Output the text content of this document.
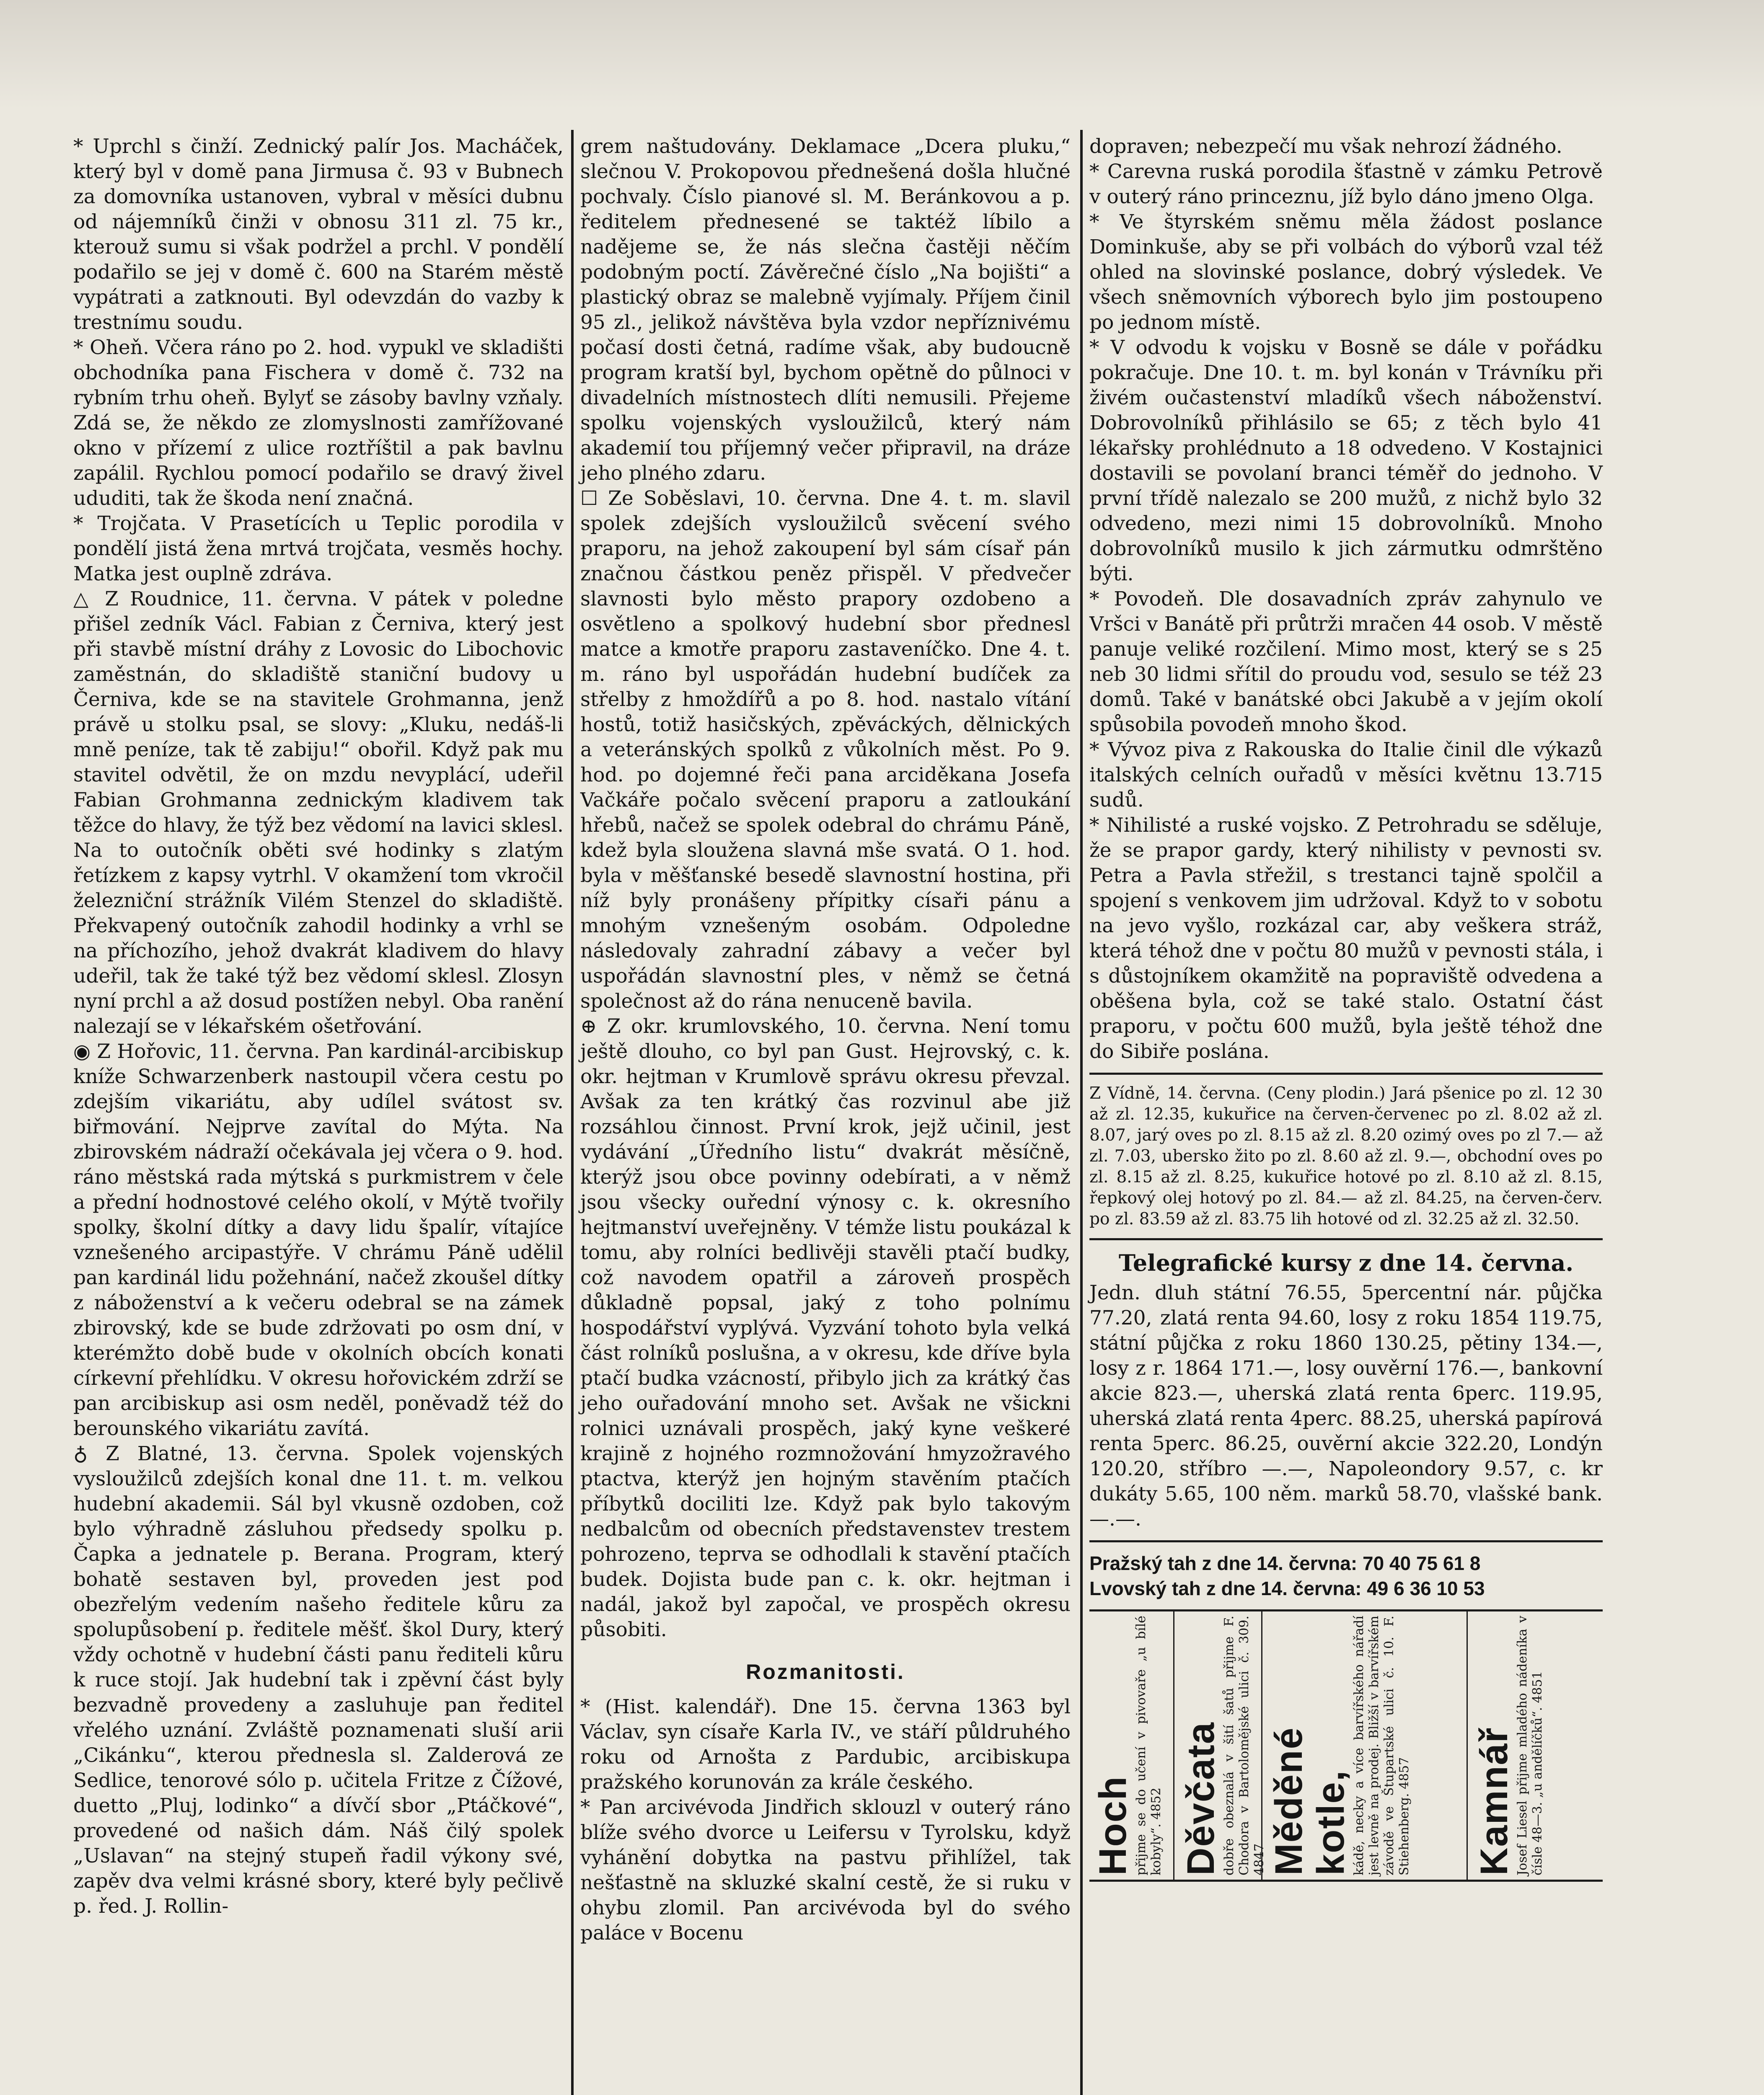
* Uprchl s činží. Zednický palír Jos. Macháček, který byl v domě pana Jirmusa č. 93 v Bubnech za domovníka ustanoven, vybral v měsíci dubnu od nájemníků činži v obnosu 311 zl. 75 kr., kterouž sumu si však podržel a prchl. V pondělí podařilo se jej v domě č. 600 na Starém městě vypátrati a zatknouti. Byl odevzdán do vazby k trestnímu soudu.

* Oheň. Včera ráno po 2. hod. vypukl ve skladišti obchodníka pana Fischera v domě č. 732 na rybním trhu oheň. Bylyť se zásoby bavlny vzňaly. Zdá se, že někdo ze zlomyslnosti zamřížované okno v přízemí z ulice roztříštil a pak bavlnu zapálil. Rychlou pomocí podařilo se dravý živel ududiti, tak že škoda není značná.

* Trojčata. V Prasetících u Teplic porodila v pondělí jistá žena mrtvá trojčata, vesměs hochy. Matka jest ouplně zdráva.

△ Z Roudnice, 11. června. V pátek v poledne přišel zedník Václ. Fabian z Černiva, který jest při stavbě místní dráhy z Lovosic do Libochovic zaměstnán, do skladiště staniční budovy u Černiva, kde se na stavitele Grohmanna, jenž právě u stolku psal, se slovy: „Kluku, nedáš-li mně peníze, tak tě zabiju!“ obořil. Když pak mu stavitel odvětil, že on mzdu nevyplácí, udeřil Fabian Grohmanna zednickým kladivem tak těžce do hlavy, že týž bez vědomí na lavici sklesl. Na to outočník oběti své hodinky s zlatým řetízkem z kapsy vytrhl. V okamžení tom vkročil železniční strážník Vilém Stenzel do skladiště. Překvapený outočník zahodil hodinky a vrhl se na příchozího, jehož dvakrát kladivem do hlavy udeřil, tak že také týž bez vědomí sklesl. Zlosyn nyní prchl a až dosud postížen nebyl. Oba ranění nalezají se v lékařském ošetřování.

◉ Z Hořovic, 11. června. Pan kardinál-arcibiskup kníže Schwarzenberk nastoupil včera cestu po zdejším vikariátu, aby udílel svátost sv. biřmování. Nejprve zavítal do Mýta. Na zbirovském nádraží očekávala jej včera o 9. hod. ráno městská rada mýtská s purkmistrem v čele a přední hodnostové celého okolí, v Mýtě tvořily spolky, školní dítky a davy lidu špalír, vítajíce vznešeného arcipastýře. V chrámu Páně udělil pan kardinál lidu požehnání, načež zkoušel dítky z náboženství a k večeru odebral se na zámek zbirovský, kde se bude zdržovati po osm dní, v kterémžto době bude v okolních obcích konati církevní přehlídku. V okresu hořovickém zdrží se pan arcibiskup asi osm neděl, poněvadž též do berounského vikariátu zavítá.

♁ Z Blatné, 13. června. Spolek vojenských vysloužilců zdejších konal dne 11. t. m. velkou hudební akademii. Sál byl vkusně ozdoben, což bylo výhradně zásluhou předsedy spolku p. Čapka a jednatele p. Berana. Program, který bohatě sestaven byl, proveden jest pod obezřelým vedením našeho ředitele kůru za spolupůsobení p. ředitele měšť. škol Dury, který vždy ochotně v hudební části panu řediteli kůru k ruce stojí. Jak hudební tak i zpěvní část byly bezvadně provedeny a zasluhuje pan ředitel vřelého uznání. Zvláště poznamenati sluší arii „Cikánku“, kterou přednesla sl. Zalderová ze Sedlice, tenorové sólo p. učitela Fritze z Čížové, duetto „Pluj, lodinko“ a dívčí sbor „Ptáčkové“, provedené od našich dám. Náš čilý spolek „Uslavan“ na stejný stupeň řadil výkony své, zapěv dva velmi krásné sbory, které byly pečlivě p. řed. J. Rollin-

grem naštudovány. Deklamace „Dcera pluku,“ slečnou V. Prokopovou přednešená došla hlučné pochvaly. Číslo pianové sl. M. Beránkovou a p. ředitelem přednesené se taktéž líbilo a nadějeme se, že nás slečna častěji něčím podobným poctí. Závěrečné číslo „Na bojišti“ a plastický obraz se malebně vyjímaly. Příjem činil 95 zl., jelikož návštěva byla vzdor nepříznivému počasí dosti četná, radíme však, aby budoucně program kratší byl, bychom opětně do půlnoci v divadelních místnostech dlíti nemusili. Přejeme spolku vojenských vysloužilců, který nám akademií tou příjemný večer připravil, na dráze jeho plného zdaru.

☐ Ze Soběslavi, 10. června. Dne 4. t. m. slavil spolek zdejších vysloužilců svěcení svého praporu, na jehož zakoupení byl sám císař pán značnou částkou peněz přispěl. V předvečer slavnosti bylo město prapory ozdobeno a osvětleno a spolkový hudební sbor přednesl matce a kmotře praporu zastaveníčko. Dne 4. t. m. ráno byl uspořádán hudební budíček za střelby z hmoždířů a po 8. hod. nastalo vítání hostů, totiž hasičských, zpěváckých, dělnických a veteránských spolků z vůkolních měst. Po 9. hod. po dojemné řeči pana arciděkana Josefa Vačkáře počalo svěcení praporu a zatloukání hřebů, načež se spolek odebral do chrámu Páně, kdež byla sloužena slavná mše svatá. O 1. hod. byla v měšťanské besedě slavnostní hostina, při níž byly pronášeny přípitky císaři pánu a mnohým vznešeným osobám. Odpoledne následovaly zahradní zábavy a večer byl uspořádán slavnostní ples, v němž se četná společnost až do rána nenuceně bavila.

⊕ Z okr. krumlovského, 10. června. Není tomu ještě dlouho, co byl pan Gust. Hejrovský, c. k. okr. hejtman v Krumlově správu okresu převzal. Avšak za ten krátký čas rozvinul abe již rozsáhlou činnost. První krok, jejž učinil, jest vydávání „Úředního listu“ dvakrát měsíčně, kterýž jsou obce povinny odebírati, a v němž jsou všecky ouřední výnosy c. k. okresního hejtmanství uveřejněny. V témže listu poukázal k tomu, aby rolníci bedlivěji stavěli ptačí budky, což navodem opatřil a zároveň prospěch důkladně popsal, jaký z toho polnímu hospodářství vyplývá. Vyzvání tohoto byla velká část rolníků poslušna, a v okresu, kde dříve byla ptačí budka vzácností, přibylo jich za krátký čas jeho ouřadování mnoho set. Avšak ne všickni rolnici uznávali prospěch, jaký kyne veškeré krajině z hojného rozmnožování hmyzožravého ptactva, kterýž jen hojným stavěním ptačích příbytků dociliti lze. Když pak bylo takovým nedbalcům od obecních představenstev trestem pohrozeno, teprva se odhodlali k stavění ptačích budek. Dojista bude pan c. k. okr. hejtman i nadál, jakož byl započal, ve prospěch okresu působiti.

Rozmanitosti.

* (Hist. kalendář). Dne 15. června 1363 byl Václav, syn císaře Karla IV., ve stáří půldruhého roku od Arnošta z Pardubic, arcibiskupa pražského korunován za krále českého.

* Pan arcivévoda Jindřich sklouzl v outerý ráno blíže svého dvorce u Leifersu v Tyrolsku, když vyhánění dobytka na pastvu přihlížel, tak nešťastně na skluzké skalní cestě, že si ruku v ohybu zlomil. Pan arcivévoda byl do svého paláce v Bocenu

dopraven; nebezpečí mu však nehrozí žádného.

* Carevna ruská porodila šťastně v zámku Petrově v outerý ráno princeznu, jíž bylo dáno jmeno Olga.

* Ve štyrském sněmu měla žádost poslance Dominkuše, aby se při volbách do výborů vzal též ohled na slovinské poslance, dobrý výsledek. Ve všech sněmovních výborech bylo jim postoupeno po jednom místě.

* V odvodu k vojsku v Bosně se dále v pořádku pokračuje. Dne 10. t. m. byl konán v Trávníku při živém oučastenství mladíků všech náboženství. Dobrovolníků přihlásilo se 65; z těch bylo 41 lékařsky prohlédnuto a 18 odvedeno. V Kostajnici dostavili se povolaní branci téměř do jednoho. V první třídě nalezalo se 200 mužů, z nichž bylo 32 odvedeno, mezi nimi 15 dobrovolníků. Mnoho dobrovolníků musilo k jich zármutku odmrštěno býti.

* Povodeň. Dle dosavadních zpráv zahynulo ve Vršci v Banátě při průtrži mračen 44 osob. V městě panuje veliké rozčilení. Mimo most, který se s 25 neb 30 lidmi sřítil do proudu vod, sesulo se též 23 domů. Také v banátské obci Jakubě a v jejím okolí spůsobila povodeň mnoho škod.

* Vývoz piva z Rakouska do Italie činil dle výkazů italských celních ouřadů v měsíci květnu 13.715 sudů.

* Nihilisté a ruské vojsko. Z Petrohradu se sděluje, že se prapor gardy, který nihilisty v pevnosti sv. Petra a Pavla střežil, s trestanci tajně spolčil a spojení s venkovem jim udržoval. Když to v sobotu na jevo vyšlo, rozkázal car, aby veškera stráž, která téhož dne v počtu 80 mužů v pevnosti stála, i s důstojníkem okamžitě na popraviště odvedena a oběšena byla, což se také stalo. Ostatní část praporu, v počtu 600 mužů, byla ještě téhož dne do Sibiře poslána.

Z Vídně, 14. června. (Ceny plodin.) Jará pšenice po zl. 12 30 až zl. 12.35, kukuřice na červen-červenec po zl. 8.02 až zl. 8.07, jarý oves po zl. 8.15 až zl. 8.20 ozimý oves po zl 7.— až zl. 7.03, ubersko žito po zl. 8.60 až zl. 9.—, obchodní oves po zl. 8.15 až zl. 8.25, kukuřice hotové po zl. 8.10 až zl. 8.15, řepkový olej hotový po zl. 84.— až zl. 84.25, na červen-červ. po zl. 83.59 až zl. 83.75 lih hotové od zl. 32.25 až zl. 32.50.

Telegrafické kursy z dne 14. června.

Jedn. dluh státní 76.55, 5percentní nár. půjčka 77.20, zlatá renta 94.60, losy z roku 1854 119.75, státní půjčka z roku 1860 130.25, pětiny 134.—, losy z r. 1864 171.—, losy ouvěrní 176.—, bankovní akcie 823.—, uherská zlatá renta 6perc. 119.95, uherská zlatá renta 4perc. 88.25, uherská papírová renta 5perc. 86.25, ouvěrní akcie 322.20, Londýn 120.20, stříbro —.—, Napoleondory 9.57, c. kr dukáty 5.65, 100 něm. marků 58.70, vlašské bank. —.—.

Pražský tah z dne 14. června: 70 40 75 61 8
Lvovský tah z dne 14. června: 49 6 36 10 53
Hoch přijme se do učení v pivovaře „u bílé kobyly“. 4852 Děvčata dobře obeznalá v šití šatů přijme F. Chodora v Bartolomějské ulici č. 309. 4847 Měděné kotle, kádě, necky a více barvířského nářadí jest levně na prodej. Bližší v barvířském závodě ve Štupartské ulici č. 10. F. Stiehenberg. 4857	Kamnář Josef Liesel přijme mladého nádeníka v čísle 48—3. „u andělíčků“. 4851
